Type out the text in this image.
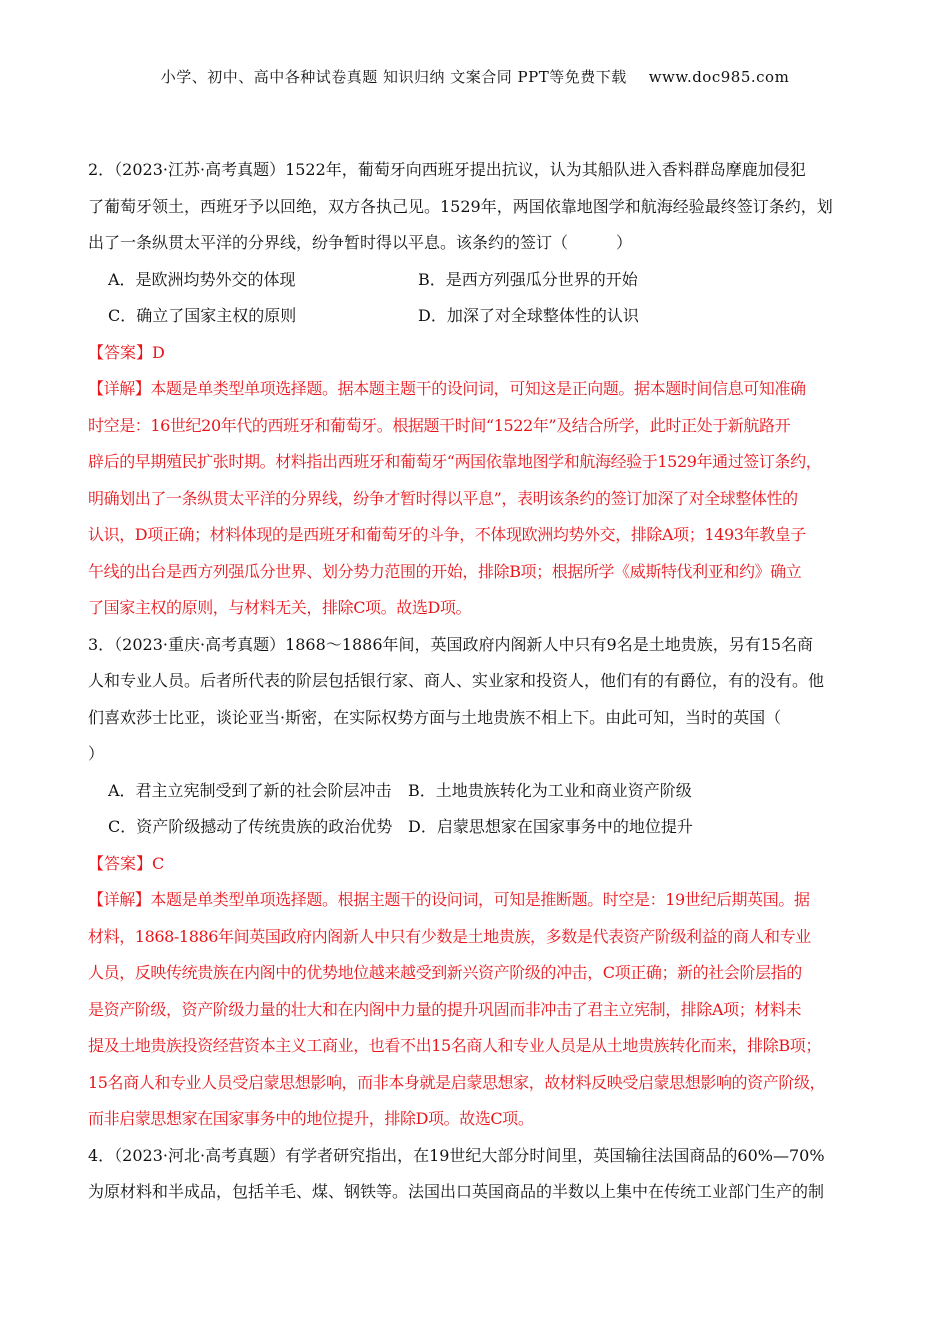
小学、初中、高中各种试卷真题 知识归纳 文案合同 PPT等免费下载 www.doc985.com
2．（2023·江苏·高考真题）1522年，葡萄牙向西班牙提出抗议，认为其船队进入香料群岛摩鹿加侵犯
了葡萄牙领土，西班牙予以回绝，双方各执己见。1529年，两国依靠地图学和航海经验最终签订条约，划
出了一条纵贯太平洋的分界线，纷争暂时得以平息。该条约的签订（　　　）
A．是欧洲均势外交的体现	B．是西方列强瓜分世界的开始
C．确立了国家主权的原则	D．加深了对全球整体性的认识
【答案】D
【详解】本题是单类型单项选择题。据本题主题干的设问词，可知这是正向题。据本题时间信息可知准确
时空是：16世纪20年代的西班牙和葡萄牙。根据题干时间“1522年”及结合所学，此时正处于新航路开
辟后的早期殖民扩张时期。材料指出西班牙和葡萄牙“两国依靠地图学和航海经验于1529年通过签订条约，
明确划出了一条纵贯太平洋的分界线，纷争才暂时得以平息”，表明该条约的签订加深了对全球整体性的
认识，D项正确；材料体现的是西班牙和葡萄牙的斗争，不体现欧洲均势外交，排除A项；1493年教皇子
午线的出台是西方列强瓜分世界、划分势力范围的开始，排除B项；根据所学《威斯特伐利亚和约》确立
了国家主权的原则，与材料无关，排除C项。故选D项。
3．（2023·重庆·高考真题）1868～1886年间，英国政府内阁新人中只有9名是土地贵族，另有15名商
人和专业人员。后者所代表的阶层包括银行家、商人、实业家和投资人，他们有的有爵位，有的没有。他
们喜欢莎士比亚，谈论亚当·斯密，在实际权势方面与土地贵族不相上下。由此可知，当时的英国（
）
A．君主立宪制受到了新的社会阶层冲击	B．土地贵族转化为工业和商业资产阶级
C．资产阶级撼动了传统贵族的政治优势 D．启蒙思想家在国家事务中的地位提升
【答案】C
【详解】本题是单类型单项选择题。根据主题干的设问词，可知是推断题。时空是：19世纪后期英国。据
材料，1868-1886年间英国政府内阁新人中只有少数是土地贵族，多数是代表资产阶级利益的商人和专业
人员，反映传统贵族在内阁中的优势地位越来越受到新兴资产阶级的冲击，C项正确；新的社会阶层指的
是资产阶级，资产阶级力量的壮大和在内阁中力量的提升巩固而非冲击了君主立宪制，排除A项；材料未
提及土地贵族投资经营资本主义工商业，也看不出15名商人和专业人员是从土地贵族转化而来，排除B项；
15名商人和专业人员受启蒙思想影响，而非本身就是启蒙思想家，故材料反映受启蒙思想影响的资产阶级，
而非启蒙思想家在国家事务中的地位提升，排除D项。故选C项。
4．（2023·河北·高考真题）有学者研究指出，在19世纪大部分时间里，英国输往法国商品的60%—70%
为原材料和半成品，包括羊毛、煤、钢铁等。法国出口英国商品的半数以上集中在传统工业部门生产的制
